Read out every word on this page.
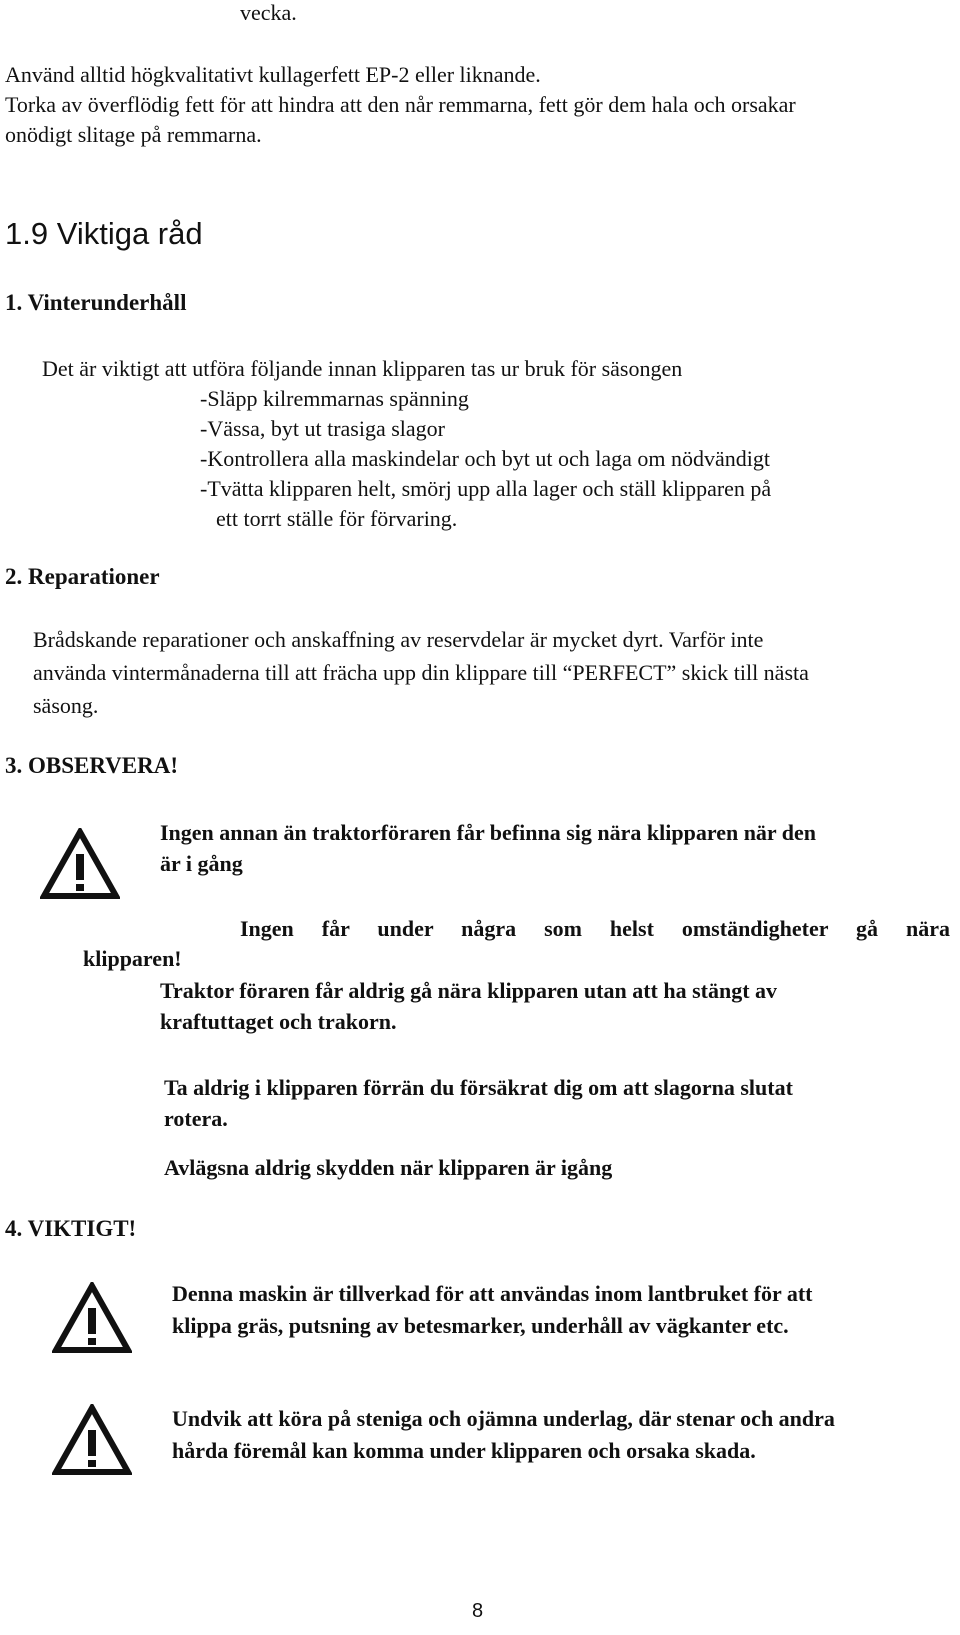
vecka.
Använd alltid högkvalitativt kullagerfett EP-2 eller liknande.
Torka av överflödig fett för att hindra att den når remmarna, fett gör dem hala och orsakar
onödigt slitage på remmarna.
1.9 Viktiga råd
1. Vinterunderhåll
Det är viktigt att utföra följande innan klipparen tas ur bruk för säsongen
-Släpp kilremmarnas spänning
-Vässa, byt ut trasiga slagor
-Kontrollera alla maskindelar och byt ut och laga om nödvändigt
-Tvätta klipparen helt, smörj upp alla lager och ställ klipparen på
ett torrt ställe för förvaring.
2. Reparationer
Brådskande reparationer och anskaffning av reservdelar är mycket dyrt. Varför inte
använda vintermånaderna till att frächa upp din klippare till “PERFECT” skick till nästa
säsong.
3. OBSERVERA!
Ingen annan än traktorföraren får befinna sig nära klipparen när den
är i gång
Ingen får under några som helst omständigheter gå nära
klipparen!
Traktor föraren får aldrig gå nära klipparen utan att ha stängt av
kraftuttaget och trakorn.
Ta aldrig i klipparen förrän du försäkrat dig om att slagorna slutat
rotera.
Avlägsna aldrig skydden när klipparen är igång
4. VIKTIGT!
Denna maskin är tillverkad för att användas inom lantbruket för att
klippa gräs, putsning av betesmarker, underhåll av vägkanter etc.
Undvik att köra på steniga och ojämna underlag, där stenar och andra
hårda föremål kan komma under klipparen och orsaka skada.
8
